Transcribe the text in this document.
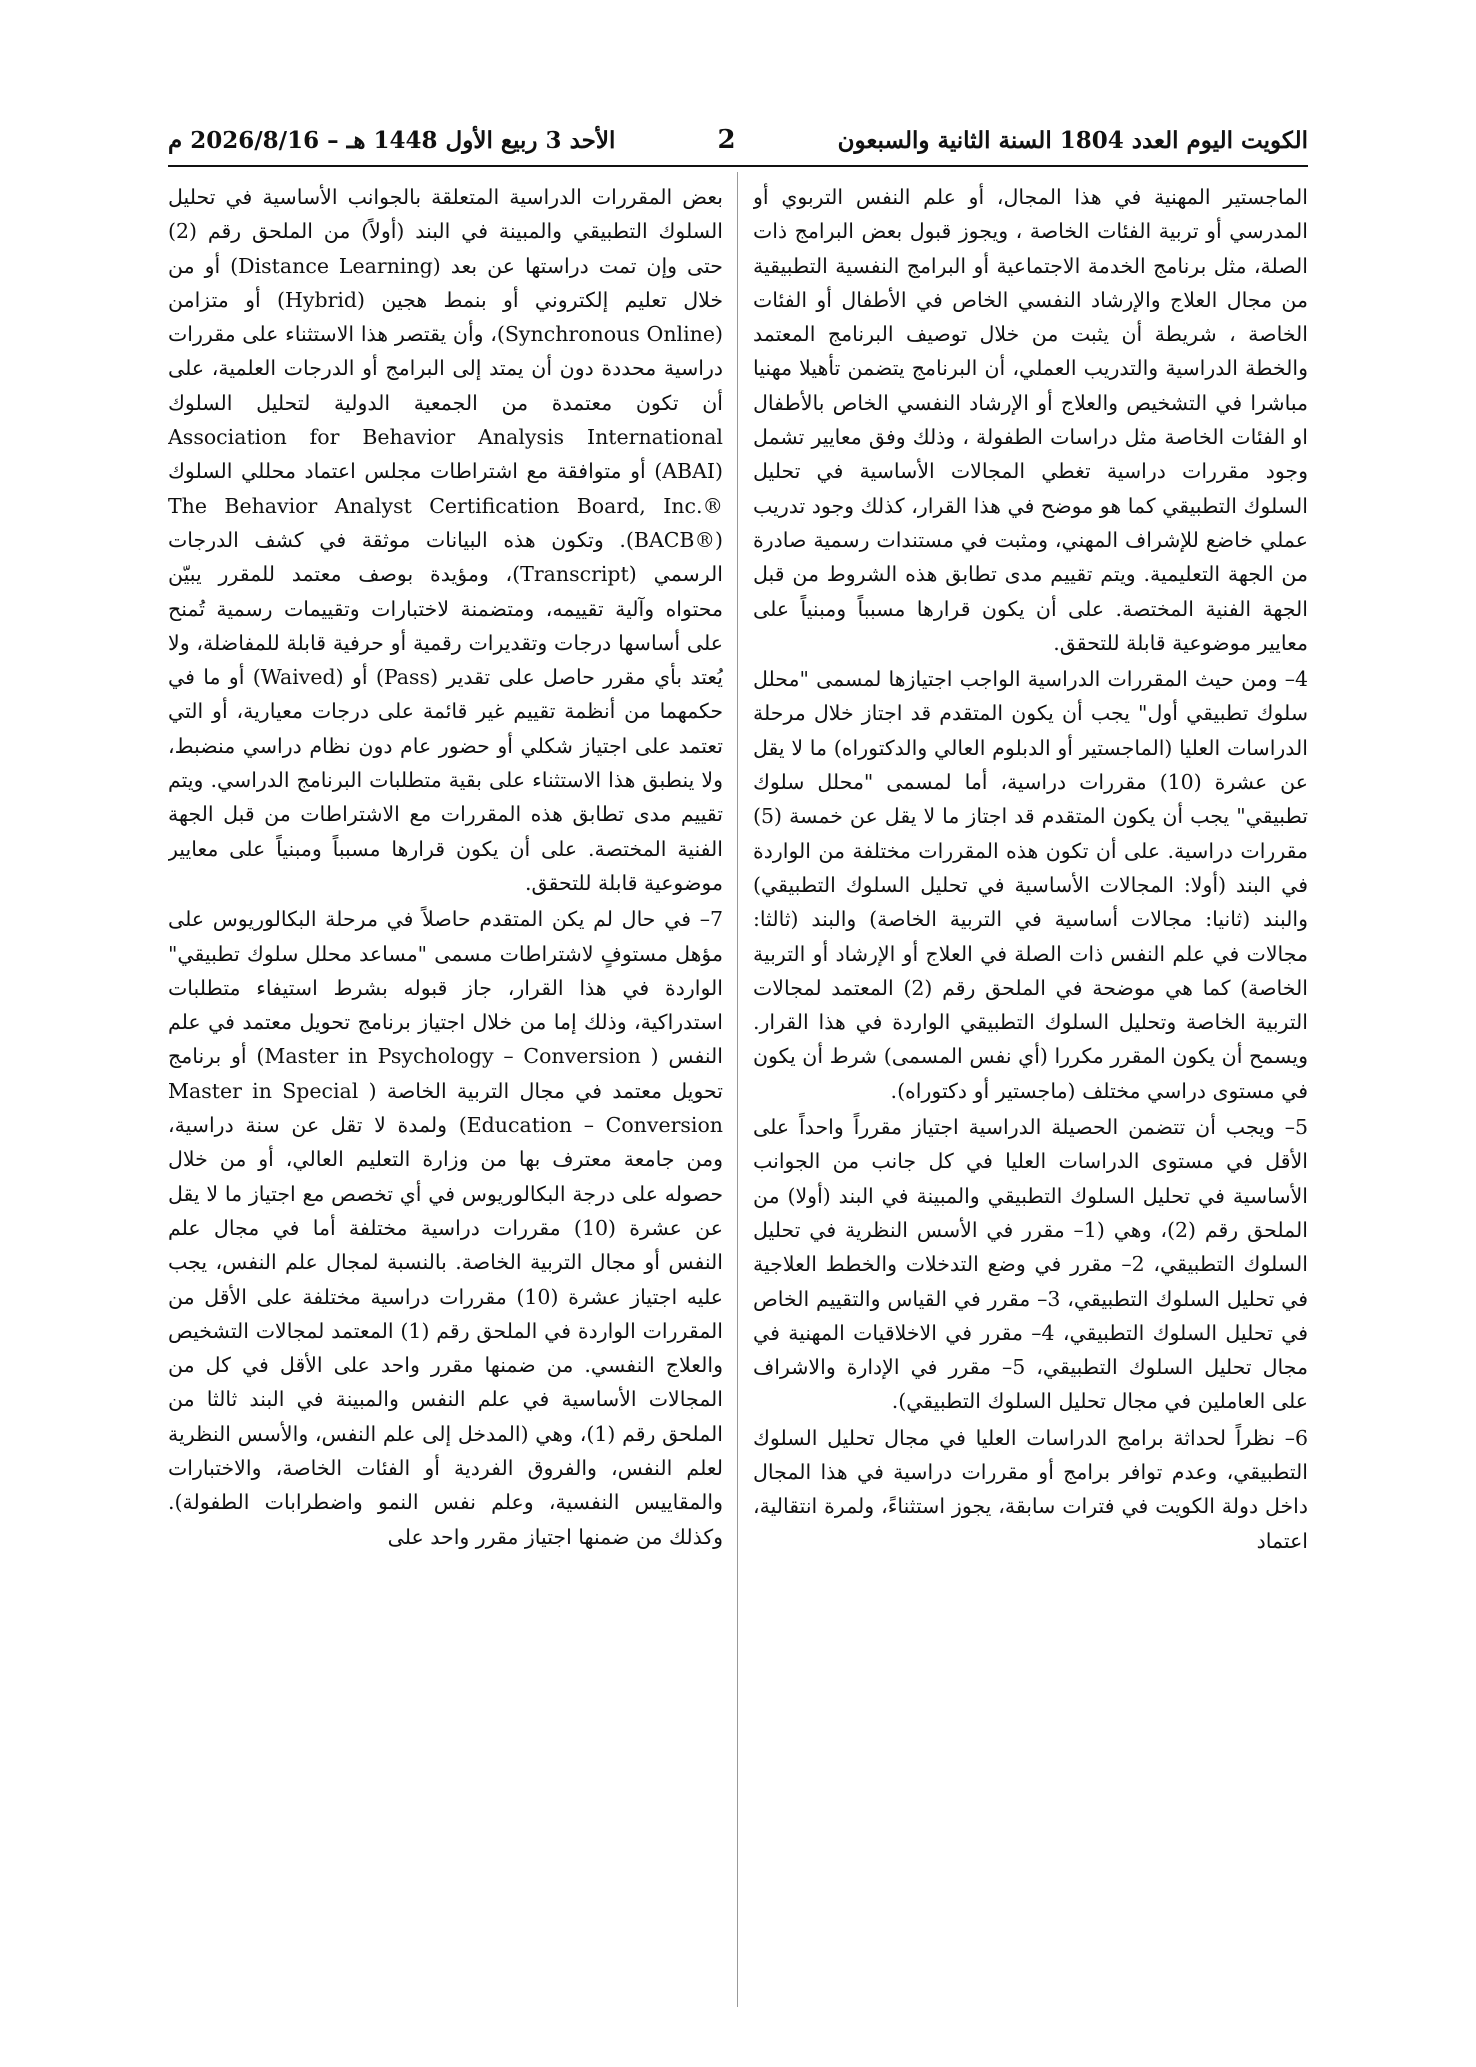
الكويت اليوم العدد 1804 السنة الثانية والسبعون
2
الأحد 3 ربيع الأول 1448 هـ – 2026/8/16 م

الماجستير المهنية في هذا المجال، أو علم النفس التربوي أو المدرسي أو تربية الفئات الخاصة ، ويجوز قبول بعض البرامج ذات الصلة، مثل برنامج الخدمة الاجتماعية أو البرامج النفسية التطبيقية من مجال العلاج والإرشاد النفسي الخاص في الأطفال أو الفئات الخاصة ، شريطة أن يثبت من خلال توصيف البرنامج المعتمد والخطة الدراسية والتدريب العملي، أن البرنامج يتضمن تأهيلا مهنيا مباشرا في التشخيص والعلاج أو الإرشاد النفسي الخاص بالأطفال او الفئات الخاصة مثل دراسات الطفولة ، وذلك وفق معايير تشمل وجود مقررات دراسية تغطي المجالات الأساسية في تحليل السلوك التطبيقي كما هو موضح في هذا القرار، كذلك وجود تدريب عملي خاضع للإشراف المهني، ومثبت في مستندات رسمية صادرة من الجهة التعليمية. ويتم تقييم مدى تطابق هذه الشروط من قبل الجهة الفنية المختصة. على أن يكون قرارها مسبباً ومبنياً على معايير موضوعية قابلة للتحقق.

4– ومن حيث المقررات الدراسية الواجب اجتيازها لمسمى "محلل سلوك تطبيقي أول" يجب أن يكون المتقدم قد اجتاز خلال مرحلة الدراسات العليا (الماجستير أو الدبلوم العالي والدكتوراه) ما لا يقل عن عشرة (10) مقررات دراسية، أما لمسمى "محلل سلوك تطبيقي" يجب أن يكون المتقدم قد اجتاز ما لا يقل عن خمسة (5) مقررات دراسية. على أن تكون هذه المقررات مختلفة من الواردة في البند (أولا: المجالات الأساسية في تحليل السلوك التطبيقي) والبند (ثانيا: مجالات أساسية في التربية الخاصة) والبند (ثالثا: مجالات في علم النفس ذات الصلة في العلاج أو الإرشاد أو التربية الخاصة) كما هي موضحة في الملحق رقم (2) المعتمد لمجالات التربية الخاصة وتحليل السلوك التطبيقي الواردة في هذا القرار. ويسمح أن يكون المقرر مكررا (أي نفس المسمى) شرط أن يكون في مستوى دراسي مختلف (ماجستير أو دكتوراه).

5– ويجب أن تتضمن الحصيلة الدراسية اجتياز مقرراً واحداً على الأقل في مستوى الدراسات العليا في كل جانب من الجوانب الأساسية في تحليل السلوك التطبيقي والمبينة في البند (أولا) من الملحق رقم (2)، وهي (1– مقرر في الأسس النظرية في تحليل السلوك التطبيقي، 2– مقرر في وضع التدخلات والخطط العلاجية في تحليل السلوك التطبيقي، 3– مقرر في القياس والتقييم الخاص في تحليل السلوك التطبيقي، 4– مقرر في الاخلاقيات المهنية في مجال تحليل السلوك التطبيقي، 5– مقرر في الإدارة والاشراف على العاملين في مجال تحليل السلوك التطبيقي).

6– نظراً لحداثة برامج الدراسات العليا في مجال تحليل السلوك التطبيقي، وعدم توافر برامج أو مقررات دراسية في هذا المجال داخل دولة الكويت في فترات سابقة، يجوز استثناءً، ولمرة انتقالية، اعتماد

بعض المقررات الدراسية المتعلقة بالجوانب الأساسية في تحليل السلوك التطبيقي والمبينة في البند (أولاً) من الملحق رقم (2) حتى وإن تمت دراستها عن بعد (Distance Learning) أو من خلال تعليم إلكتروني أو بنمط هجين (Hybrid) أو متزامن (Synchronous Online)، وأن يقتصر هذا الاستثناء على مقررات دراسية محددة دون أن يمتد إلى البرامج أو الدرجات العلمية، على أن تكون معتمدة من الجمعية الدولية لتحليل السلوك Association for Behavior Analysis International (ABAI) أو متوافقة مع اشتراطات مجلس اعتماد محللي السلوك The Behavior Analyst Certification Board, Inc.® (BACB®). وتكون هذه البيانات موثقة في كشف الدرجات الرسمي (Transcript)، ومؤيدة بوصف معتمد للمقرر يبيّن محتواه وآلية تقييمه، ومتضمنة لاختبارات وتقييمات رسمية تُمنح على أساسها درجات وتقديرات رقمية أو حرفية قابلة للمفاضلة، ولا يُعتد بأي مقرر حاصل على تقدير (Pass) أو (Waived) أو ما في حكمهما من أنظمة تقييم غير قائمة على درجات معيارية، أو التي تعتمد على اجتياز شكلي أو حضور عام دون نظام دراسي منضبط، ولا ينطبق هذا الاستثناء على بقية متطلبات البرنامج الدراسي. ويتم تقييم مدى تطابق هذه المقررات مع الاشتراطات من قبل الجهة الفنية المختصة. على أن يكون قرارها مسبباً ومبنياً على معايير موضوعية قابلة للتحقق.

7– في حال لم يكن المتقدم حاصلاً في مرحلة البكالوريوس على مؤهل مستوفٍ لاشتراطات مسمى "مساعد محلل سلوك تطبيقي" الواردة في هذا القرار، جاز قبوله بشرط استيفاء متطلبات استدراكية، وذلك إما من خلال اجتياز برنامج تحويل معتمد في علم النفس ( Master in Psychology – Conversion) أو برنامج تحويل معتمد في مجال التربية الخاصة ( Master in Special Education – Conversion) ولمدة لا تقل عن سنة دراسية، ومن جامعة معترف بها من وزارة التعليم العالي، أو من خلال حصوله على درجة البكالوريوس في أي تخصص مع اجتياز ما لا يقل عن عشرة (10) مقررات دراسية مختلفة أما في مجال علم النفس أو مجال التربية الخاصة. بالنسبة لمجال علم النفس، يجب عليه اجتياز عشرة (10) مقررات دراسية مختلفة على الأقل من المقررات الواردة في الملحق رقم (1) المعتمد لمجالات التشخيص والعلاج النفسي. من ضمنها مقرر واحد على الأقل في كل من المجالات الأساسية في علم النفس والمبينة في البند ثالثا من الملحق رقم (1)، وهي (المدخل إلى علم النفس، والأسس النظرية لعلم النفس، والفروق الفردية أو الفئات الخاصة، والاختبارات والمقاييس النفسية، وعلم نفس النمو واضطرابات الطفولة). وكذلك من ضمنها اجتياز مقرر واحد على
